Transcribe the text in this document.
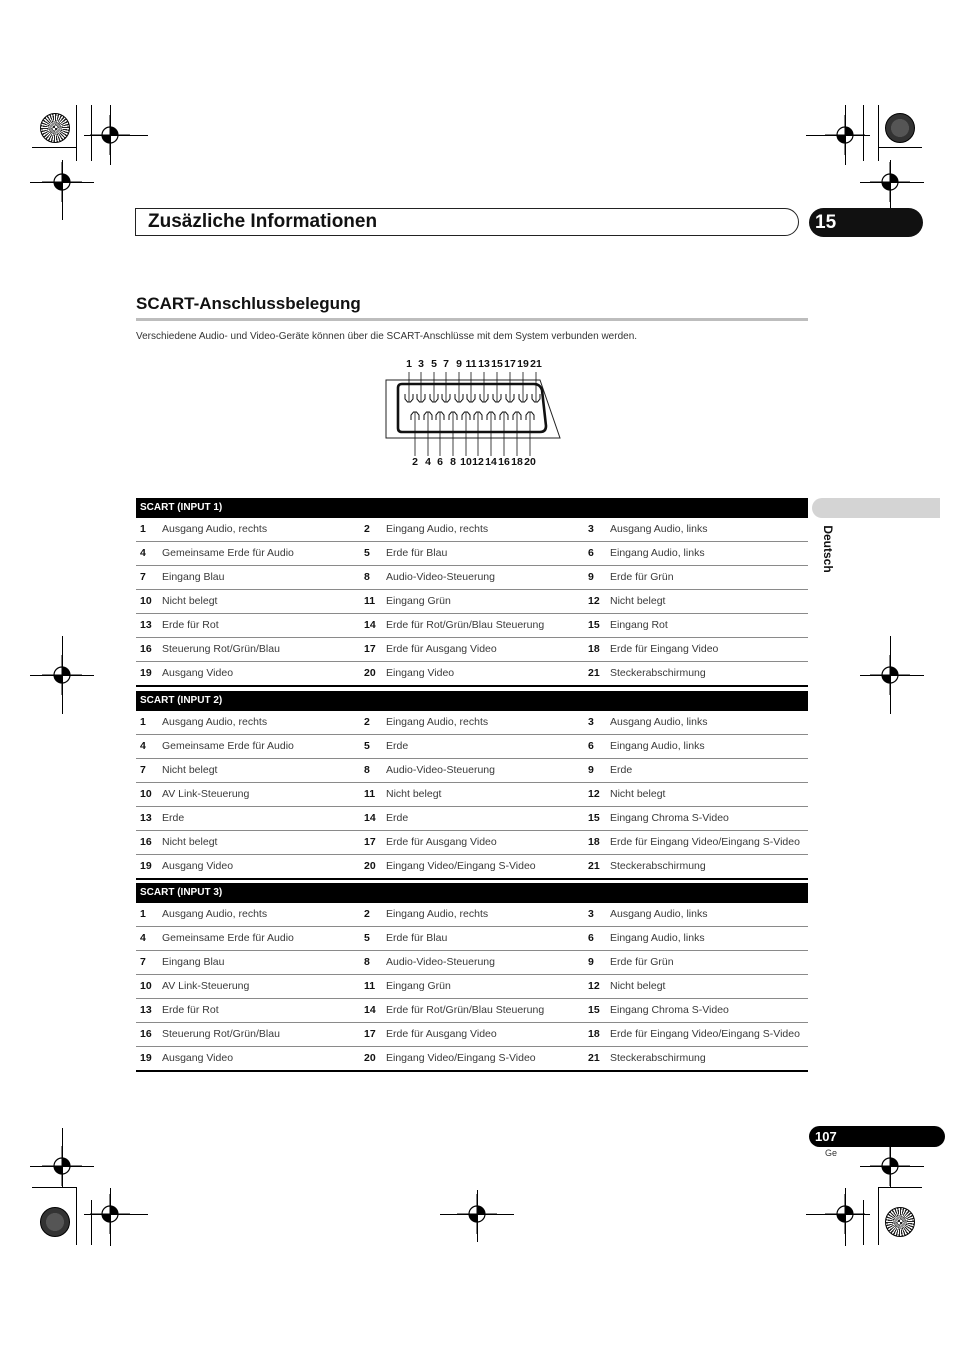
Zusäzliche Informationen	15
SCART-Anschlussbelegung
Verschiedene Audio- und Video-Geräte können über die SCART-Anschlüsse mit dem System verbunden werden.
1 3 5 7 9 11 13 15 17 19 21
2 4 6 8 10 12 14 16 18 20
SCART (INPUT 1)
1 Ausgang Audio, rechts	2 Eingang Audio, rechts	3 Ausgang Audio, links
4 Gemeinsame Erde für Audio	5 Erde für Blau	6 Eingang Audio, links
7 Eingang Blau	8 Audio-Video-Steuerung	9 Erde für Grün
10 Nicht belegt	11 Eingang Grün	12 Nicht belegt
13 Erde für Rot	14 Erde für Rot/Grün/Blau Steuerung	15 Eingang Rot
16 Steuerung Rot/Grün/Blau	17 Erde für Ausgang Video	18 Erde für Eingang Video
19 Ausgang Video	20 Eingang Video	21 Steckerabschirmung
SCART (INPUT 2)
1 Ausgang Audio, rechts	2 Eingang Audio, rechts	3 Ausgang Audio, links
4 Gemeinsame Erde für Audio	5 Erde	6 Eingang Audio, links
7 Nicht belegt	8 Audio-Video-Steuerung	9 Erde
10 AV Link-Steuerung	11 Nicht belegt	12 Nicht belegt
13 Erde	14 Erde	15 Eingang Chroma S-Video
16 Nicht belegt	17 Erde für Ausgang Video	18 Erde für Eingang Video/Eingang S-Video
19 Ausgang Video	20 Eingang Video/Eingang S-Video	21 Steckerabschirmung
SCART (INPUT 3)
1 Ausgang Audio, rechts	2 Eingang Audio, rechts	3 Ausgang Audio, links
4 Gemeinsame Erde für Audio	5 Erde für Blau	6 Eingang Audio, links
7 Eingang Blau	8 Audio-Video-Steuerung	9 Erde für Grün
10 AV Link-Steuerung	11 Eingang Grün	12 Nicht belegt
13 Erde für Rot	14 Erde für Rot/Grün/Blau Steuerung	15 Eingang Chroma S-Video
16 Steuerung Rot/Grün/Blau	17 Erde für Ausgang Video	18 Erde für Eingang Video/Eingang S-Video
19 Ausgang Video	20 Eingang Video/Eingang S-Video	21 Steckerabschirmung
Deutsch
107
Ge
